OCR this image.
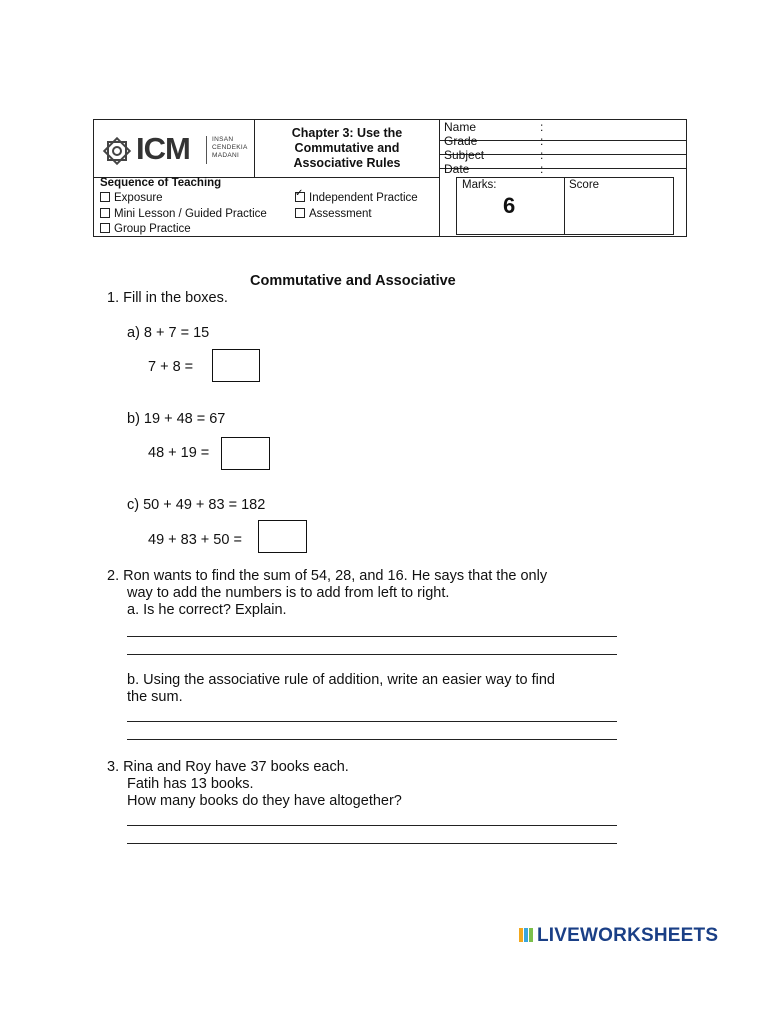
ICM	INSAN
CENDEKIA
MADANI
Chapter 3: Use the
Commutative and
Associative Rules
Name	:
Grade	:
Subject	:
Date	:
Sequence of Teaching
Exposure
Mini Lesson / Guided Practice
Group Practice
✓Independent Practice
Assessment
Marks:
6
Score
Commutative and Associative
1. Fill in the boxes.
a) 8 + 7 = 15
7 + 8 =
b) 19 + 48 = 67
48 + 19 =
c) 50 + 49 + 83 = 182
49 + 83 + 50 =
2. Ron wants to find the sum of 54, 28, and 16. He says that the only
way to add the numbers is to add from left to right.
a. Is he correct? Explain.
b. Using the associative rule of addition, write an easier way to find
the sum.
3. Rina and Roy have 37 books each.
Fatih has 13 books.
How many books do they have altogether?
LIVEWORKSHEETS
